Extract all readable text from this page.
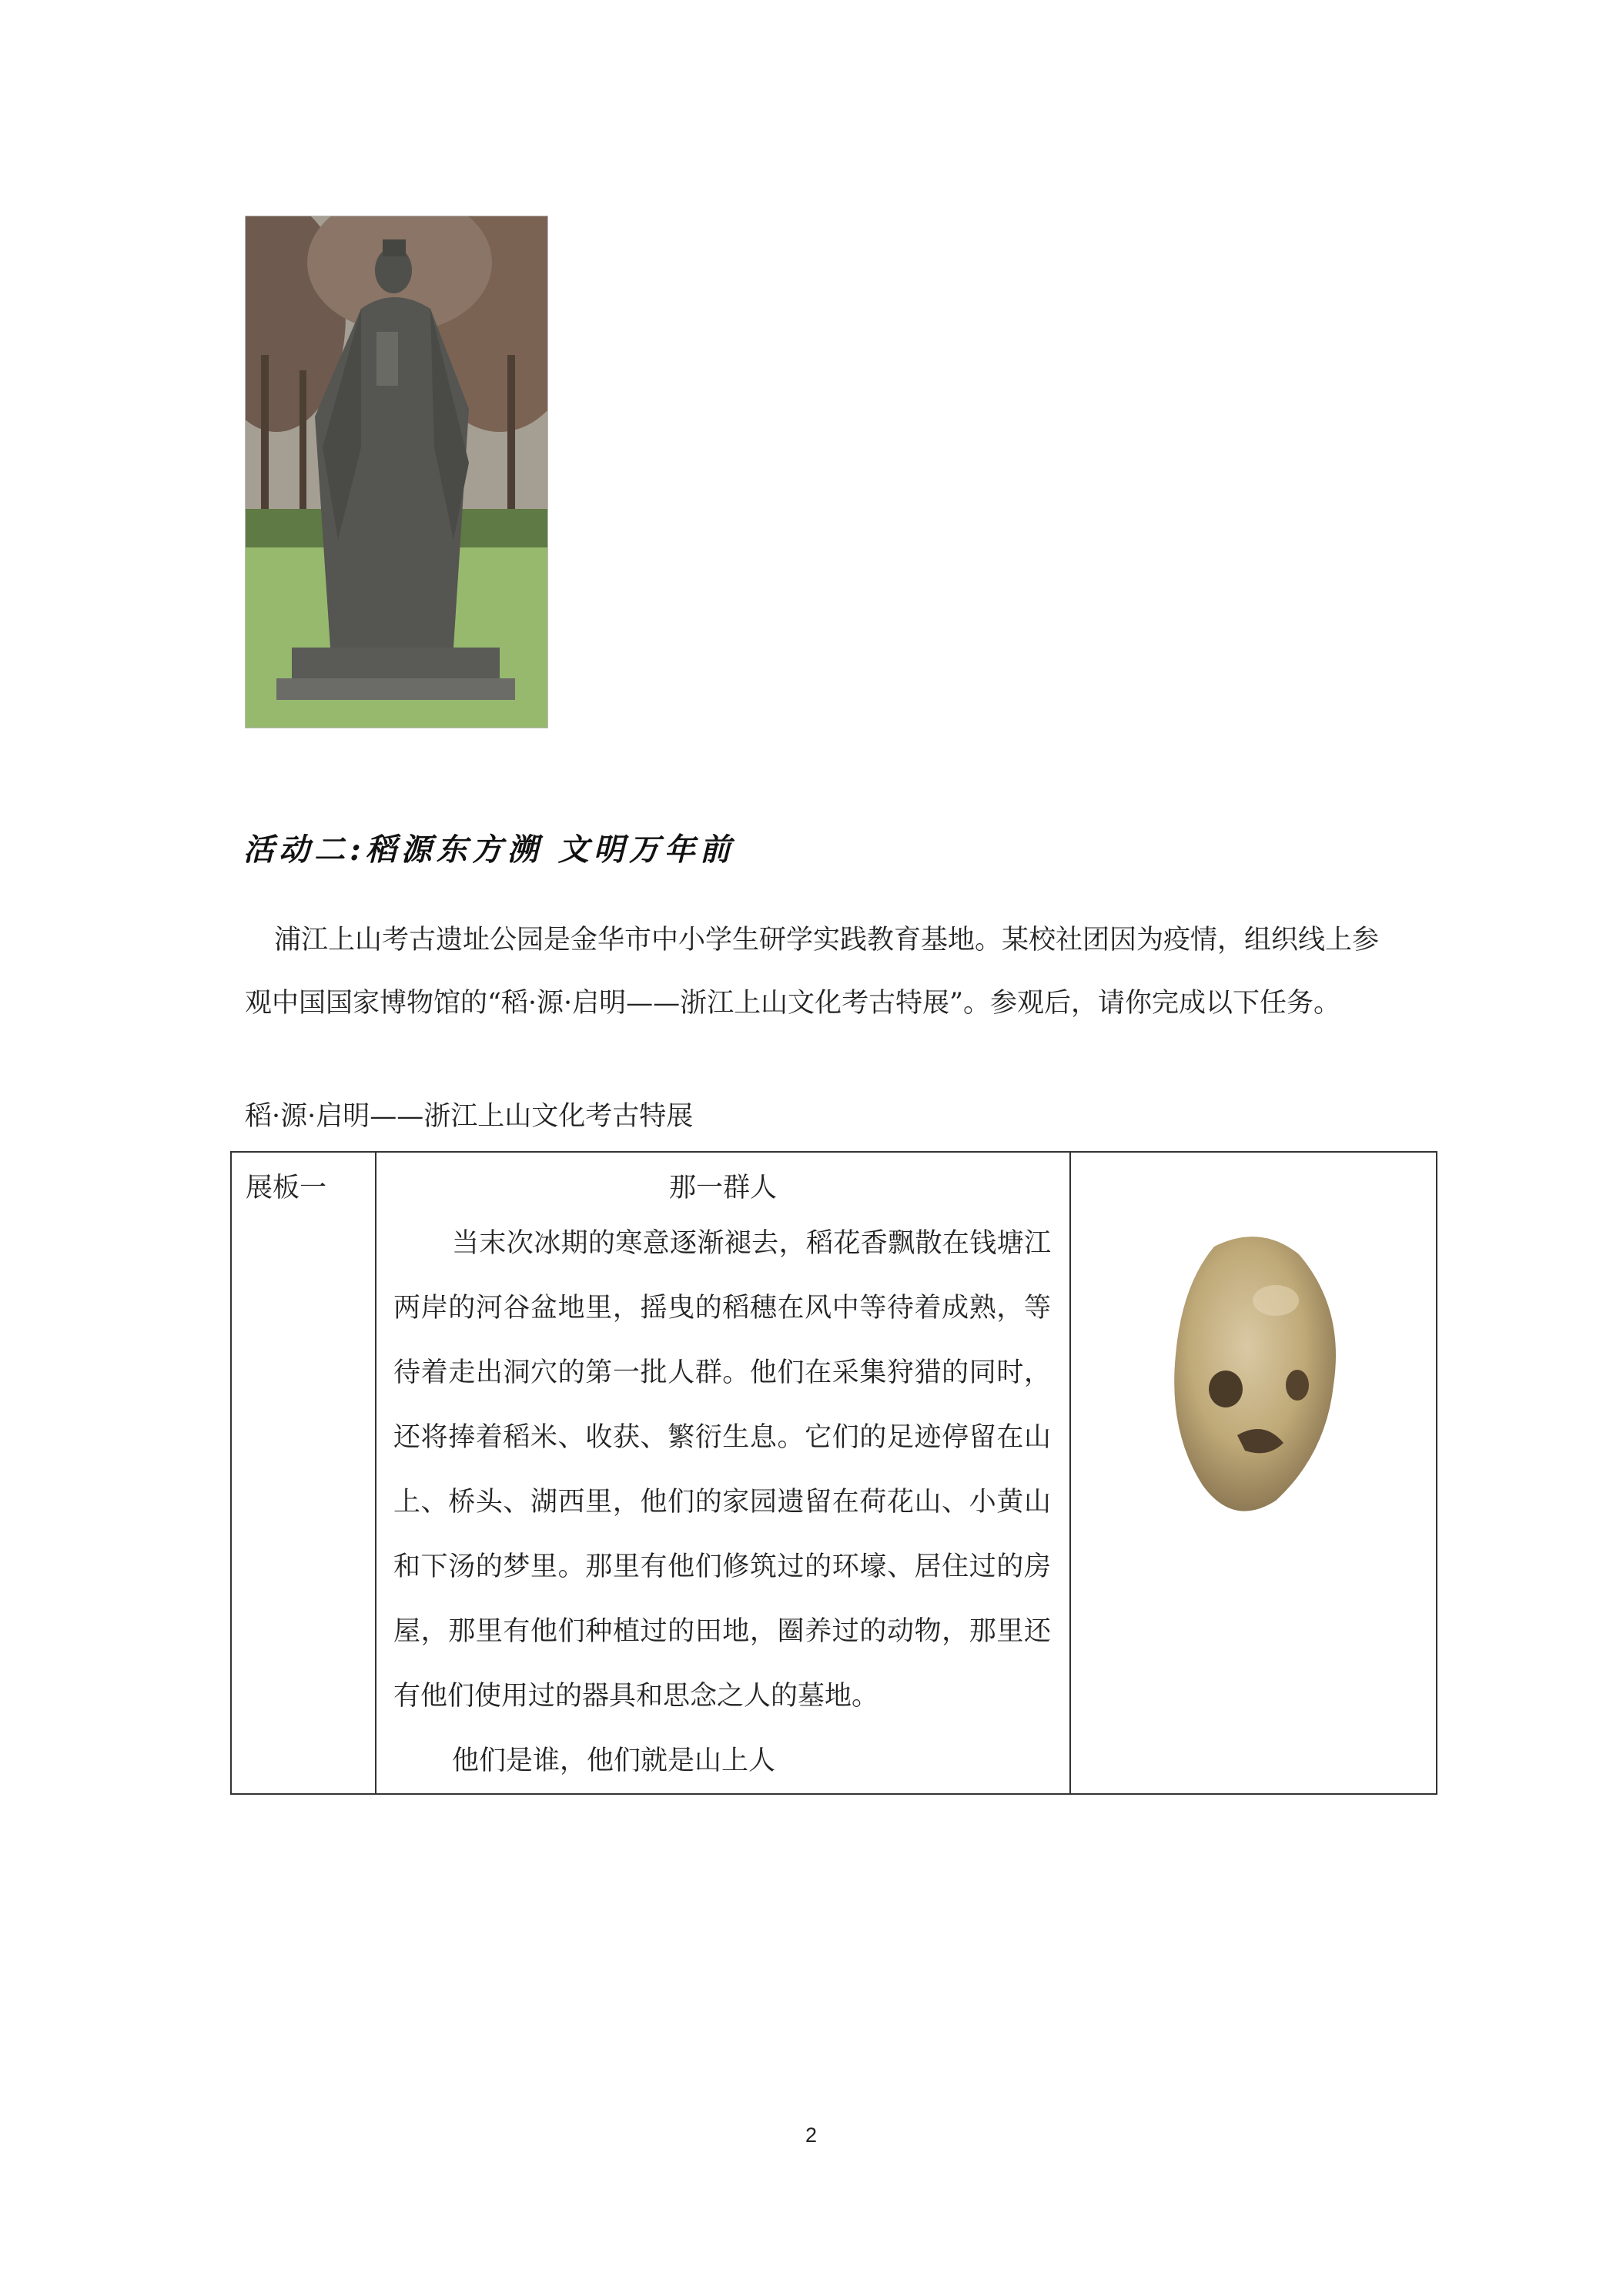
活动二:稻源东方溯 文明万年前

浦江上山考古遗址公园是金华市中小学生研学实践教育基地。某校社团因为疫情，组织线上参观中国国家博物馆的“稻·源·启明——浙江上山文化考古特展”。参观后，请你完成以下任务。

稻·源·启明——浙江上山文化考古特展
展板一	那一群人

当末次冰期的寒意逐渐褪去，稻花香飘散在钱塘江两岸的河谷盆地里，摇曳的稻穗在风中等待着成熟，等待着走出洞穴的第一批人群。他们在采集狩猎的同时，还将捧着稻米、收获、繁衍生息。它们的足迹停留在山上、桥头、湖西里，他们的家园遗留在荷花山、小黄山和下汤的梦里。那里有他们修筑过的环壕、居住过的房屋，那里有他们种植过的田地，圈养过的动物，那里还有他们使用过的器具和思念之人的墓地。

他们是谁，他们就是山上人

2
